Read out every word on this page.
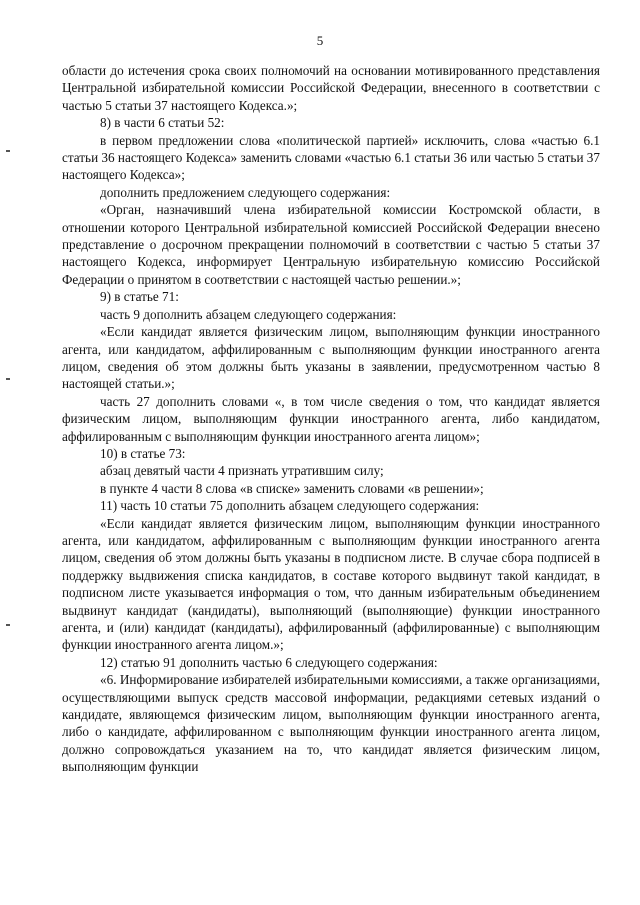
5

области до истечения срока своих полномочий на основании мотивированного представления Центральной избирательной комиссии Российской Федерации, внесенного в соответствии с частью 5 статьи 37 настоящего Кодекса.»;

8) в части 6 статьи 52:

в первом предложении слова «политической партией» исключить, слова «частью 6.1 статьи 36 настоящего Кодекса» заменить словами «частью 6.1 статьи 36 или частью 5 статьи 37 настоящего Кодекса»;

дополнить предложением следующего содержания:

«Орган, назначивший члена избирательной комиссии Костромской области, в отношении которого Центральной избирательной комиссией Российской Федерации внесено представление о досрочном прекращении полномочий в соответствии с частью 5 статьи 37 настоящего Кодекса, информирует Центральную избирательную комиссию Российской Федерации о принятом в соответствии с настоящей частью решении.»;

9) в статье 71:

часть 9 дополнить абзацем следующего содержания:

«Если кандидат является физическим лицом, выполняющим функции иностранного агента, или кандидатом, аффилированным с выполняющим функции иностранного агента лицом, сведения об этом должны быть указаны в заявлении, предусмотренном частью 8 настоящей статьи.»;

часть 27 дополнить словами «, в том числе сведения о том, что кандидат является физическим лицом, выполняющим функции иностранного агента, либо кандидатом, аффилированным с выполняющим функции иностранного агента лицом»;

10) в статье 73:

абзац девятый части 4 признать утратившим силу;

в пункте 4 части 8 слова «в списке» заменить словами «в решении»;

11) часть 10 статьи 75 дополнить абзацем следующего содержания:

«Если кандидат является физическим лицом, выполняющим функции иностранного агента, или кандидатом, аффилированным с выполняющим функции иностранного агента лицом, сведения об этом должны быть указаны в подписном листе. В случае сбора подписей в поддержку выдвижения списка кандидатов, в составе которого выдвинут такой кандидат, в подписном листе указывается информация о том, что данным избирательным объединением выдвинут кандидат (кандидаты), выполняющий (выполняющие) функции иностранного агента, и (или) кандидат (кандидаты), аффилированный (аффилированные) с выполняющим функции иностранного агента лицом.»;

12) статью 91 дополнить частью 6 следующего содержания:

«6. Информирование избирателей избирательными комиссиями, а также организациями, осуществляющими выпуск средств массовой информации, редакциями сетевых изданий о кандидате, являющемся физическим лицом, выполняющим функции иностранного агента, либо о кандидате, аффилированном с выполняющим функции иностранного агента лицом, должно сопровождаться указанием на то, что кандидат является физическим лицом, выполняющим функции
